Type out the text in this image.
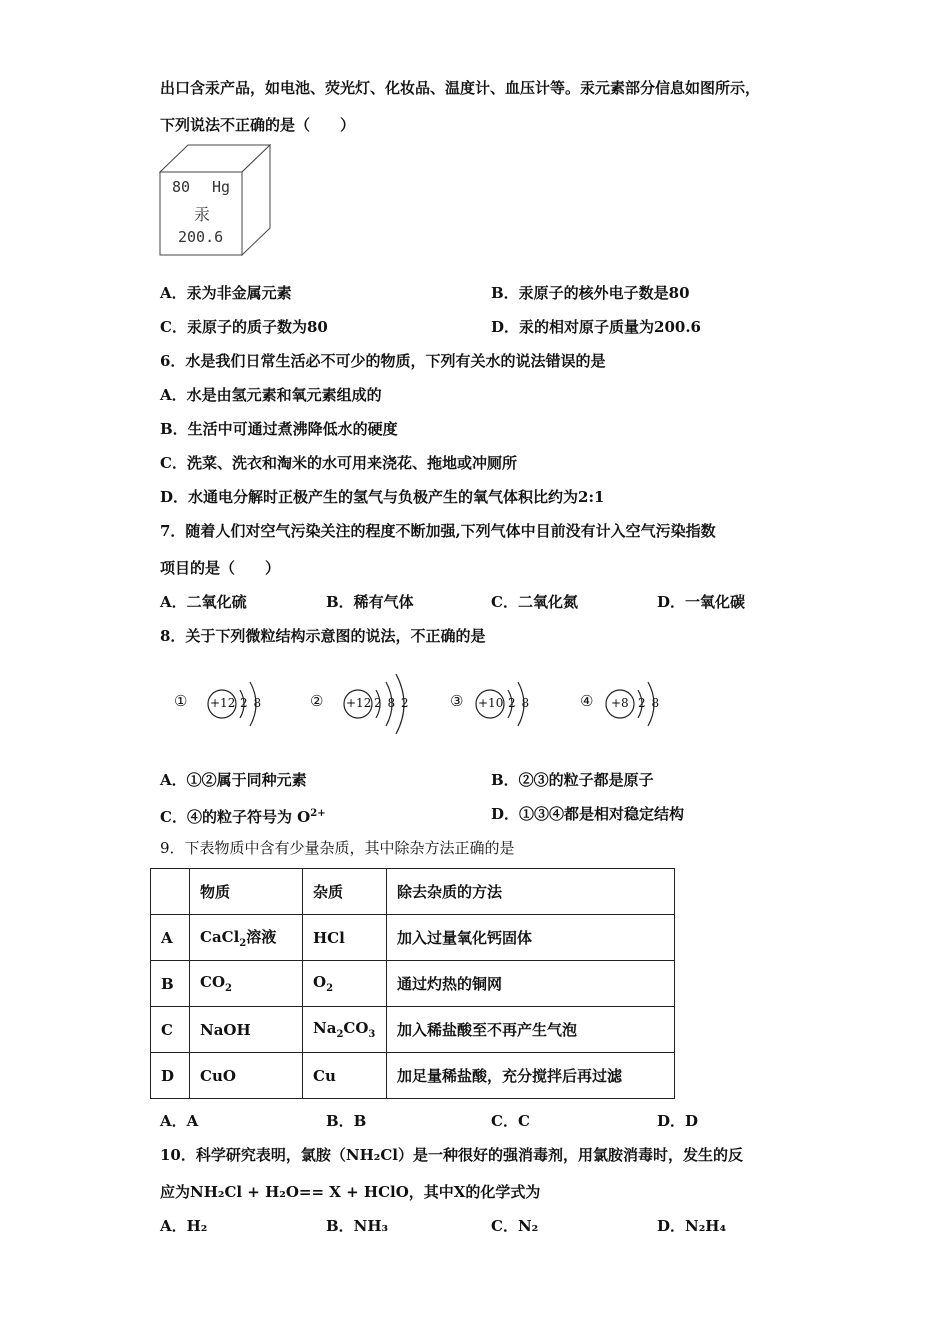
出口含汞产品，如电池、荧光灯、化妆品、温度计、血压计等。汞元素部分信息如图所示，
下列说法不正确的是（　　）
80 Hg
汞
200.6
A．汞为非金属元素	B．汞原子的核外电子数是80
C．汞原子的质子数为80	D．汞的相对原子质量为200.6
6．水是我们日常生活必不可少的物质，下列有关水的说法错误的是
A．水是由氢元素和氧元素组成的
B．生活中可通过煮沸降低水的硬度
C．洗菜、洗衣和淘米的水可用来浇花、拖地或冲厕所
D．水通电分解时正极产生的氢气与负极产生的氧气体积比约为2:1
7．随着人们对空气污染关注的程度不断加强,下列气体中目前没有计入空气污染指数
项目的是（　　）
A．二氧化硫	B．稀有气体	C．二氧化氮	D．一氧化碳
8．关于下列微粒结构示意图的说法，不正确的是
① +12 2 8	② +12 2 8 2	③ +10 2 8	④ +8 2 8
A．①②属于同种元素	B．②③的粒子都是原子
C．④的粒子符号为 $O^{2+}$	D．①③④都是相对稳定结构
9．下表物质中含有少量杂质，其中除杂方法正确的是
	物质	杂质	除去杂质的方法
A	CaCl$_2$溶液	HCl	加入过量氧化钙固体
B	$CO_2$	$O_2$	通过灼热的铜网
C	NaOH	$Na_2CO_3$	加入稀盐酸至不再产生气泡
D	CuO	Cu	加足量稀盐酸，充分搅拌后再过滤
A．A	B．B	C．C	D．D
10．科学研究表明，氯胺（NH₂Cl）是一种很好的强消毒剂，用氯胺消毒时，发生的反
应为NH₂Cl + H₂O== X + HClO，其中X的化学式为
A．H₂	B．NH₃	C．N₂	D．N₂H₄
